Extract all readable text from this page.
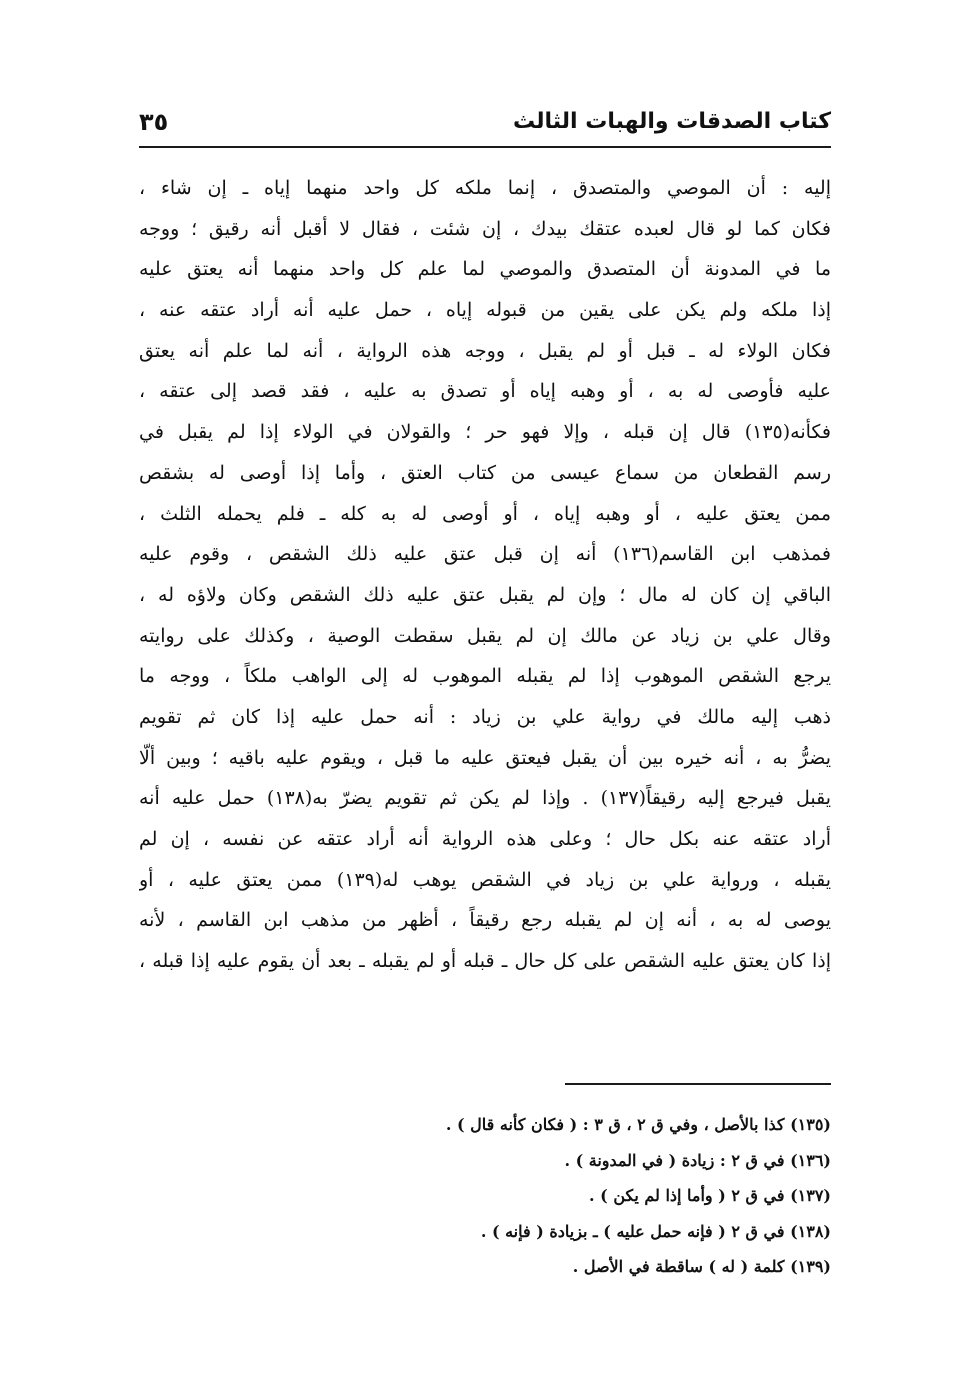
كتاب الصدقات والهبات الثالث
٣٥
إليه : أن الموصي والمتصدق ، إنما ملكه كل واحد منهما إياه ـ إن شاء ،
فكان كما لو قال لعبده عتقك بيدك ، إن شئت ، فقال لا أقبل أنه رقيق ؛ ووجه
ما في المدونة أن المتصدق والموصي لما علم كل واحد منهما أنه يعتق عليه
إذا ملكه ولم يكن على يقين من قبوله إياه ، حمل عليه أنه أراد عتقه عنه ،
فكان الولاء له ـ قبل أو لم يقبل ، ووجه هذه الرواية ، أنه لما علم أنه يعتق
عليه فأوصى له به ، أو وهبه إياه أو تصدق به عليه ، فقد قصد إلى عتقه ،
فكأنه(١٣٥) قال إن قبله ، وإلا فهو حر ؛ والقولان في الولاء إذا لم يقبل في
رسم القطعان من سماع عيسى من كتاب العتق ، وأما إذا أوصى له بشقص
ممن يعتق عليه ، أو وهبه إياه ، أو أوصى له به كله ـ فلم يحمله الثلث ،
فمذهب ابن القاسم(١٣٦) أنه إن قبل عتق عليه ذلك الشقص ، وقوم عليه
الباقي إن كان له مال ؛ وإن لم يقبل عتق عليه ذلك الشقص وكان ولاؤه له ،
وقال علي بن زياد عن مالك إن لم يقبل سقطت الوصية ، وكذلك على روايته
يرجع الشقص الموهوب إذا لم يقبله الموهوب له إلى الواهب ملكاً ، ووجه ما
ذهب إليه مالك في رواية علي بن زياد : أنه حمل عليه إذا كان ثم تقويم
يضرُّ به ، أنه خيره بين أن يقبل فيعتق عليه ما قبل ، ويقوم عليه باقيه ؛ وبين ألّا
يقبل فيرجع إليه رقيقاً(١٣٧) . وإذا لم يكن ثم تقويم يضرّ به(١٣٨) حمل عليه أنه
أراد عتقه عنه بكل حال ؛ وعلى هذه الرواية أنه أراد عتقه عن نفسه ، إن لم
يقبله ، ورواية علي بن زياد في الشقص يوهب له(١٣٩) ممن يعتق عليه ، أو
يوصى له به ، أنه إن لم يقبله رجع رقيقاً ، أظهر من مذهب ابن القاسم ، لأنه
إذا كان يعتق عليه الشقص على كل حال ـ قبله أو لم يقبله ـ بعد أن يقوم عليه إذا قبله ،
(١٣٥) كذا بالأصل ، وفي ق ٢ ، ق ٣ : ( فكان كأنه قال ) .
(١٣٦) في ق ٢ : زيادة ( في المدونة ) .
(١٣٧) في ق ٢ ( وأما إذا لم يكن ) .
(١٣٨) في ق ٢ ( فإنه حمل عليه ) ـ بزيادة ( فإنه ) .
(١٣٩) كلمة ( له ) ساقطة في الأصل .
